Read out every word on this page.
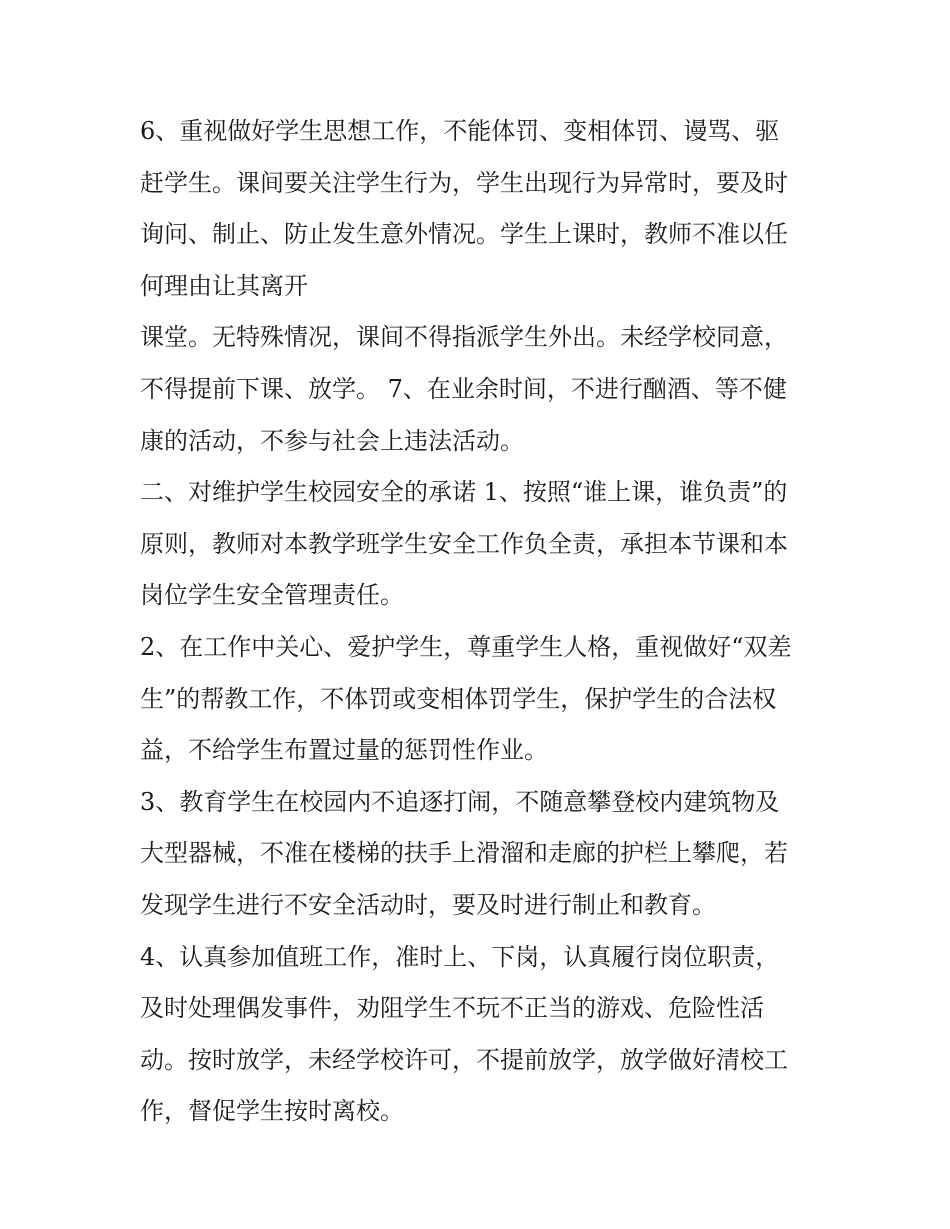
6、重视做好学生思想工作，不能体罚、变相体罚、谩骂、驱
赶学生。课间要关注学生行为，学生出现行为异常时，要及时
询问、制止、防止发生意外情况。学生上课时，教师不准以任
何理由让其离开
课堂。无特殊情况，课间不得指派学生外出。未经学校同意，
不得提前下课、放学。 7、在业余时间，不进行酗酒、等不健
康的活动，不参与社会上违法活动。
二、对维护学生校园安全的承诺 1、按照“谁上课，谁负责”的
原则，教师对本教学班学生安全工作负全责，承担本节课和本
岗位学生安全管理责任。
2、在工作中关心、爱护学生，尊重学生人格，重视做好“双差
生”的帮教工作，不体罚或变相体罚学生，保护学生的合法权
益，不给学生布置过量的惩罚性作业。
3、教育学生在校园内不追逐打闹，不随意攀登校内建筑物及
大型器械，不准在楼梯的扶手上滑溜和走廊的护栏上攀爬，若
发现学生进行不安全活动时，要及时进行制止和教育。
4、认真参加值班工作，准时上、下岗，认真履行岗位职责，
及时处理偶发事件，劝阻学生不玩不正当的游戏、危险性活
动。按时放学，未经学校许可，不提前放学，放学做好清校工
作，督促学生按时离校。
